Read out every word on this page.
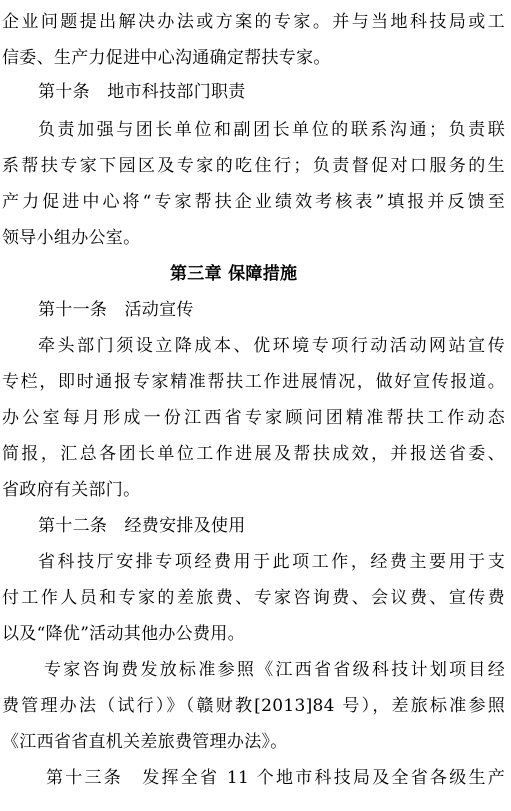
企业问题提出解决办法或方案的专家。并与当地科技局或工
信委、生产力促进中心沟通确定帮扶专家。
第十条　地市科技部门职责
负责加强与团长单位和副团长单位的联系沟通；负责联
系帮扶专家下园区及专家的吃住行；负责督促对口服务的生
产力促进中心将“专家帮扶企业绩效考核表”填报并反馈至
领导小组办公室。
第三章 保障措施
第十一条　活动宣传
牵头部门须设立降成本、优环境专项行动活动网站宣传
专栏，即时通报专家精准帮扶工作进展情况，做好宣传报道。
办公室每月形成一份江西省专家顾问团精准帮扶工作动态
简报，汇总各团长单位工作进展及帮扶成效，并报送省委、
省政府有关部门。
第十二条　经费安排及使用
省科技厅安排专项经费用于此项工作，经费主要用于支
付工作人员和专家的差旅费、专家咨询费、会议费、宣传费
以及“降优”活动其他办公费用。
专家咨询费发放标准参照《江西省省级科技计划项目经
费管理办法（试行）》（赣财教[2013]84 号），差旅标准参照
《江西省省直机关差旅费管理办法》。
第十三条　发挥全省 11 个地市科技局及全省各级生产
